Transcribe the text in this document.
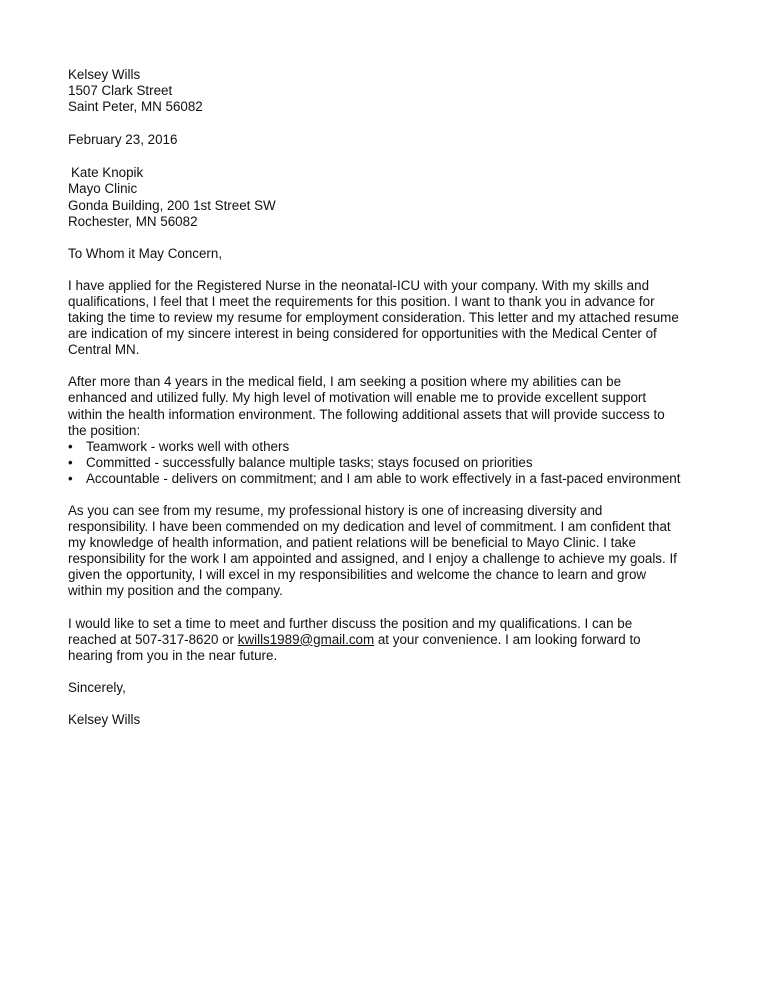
Kelsey Wills
1507 Clark Street
Saint Peter, MN 56082
February 23, 2016
Kate Knopik
Mayo Clinic
Gonda Building, 200 1st Street SW
Rochester, MN 56082
To Whom it May Concern,
I have applied for the Registered Nurse in the neonatal-ICU with your company. With my skills and
qualifications, I feel that I meet the requirements for this position. I want to thank you in advance for
taking the time to review my resume for employment consideration. This letter and my attached resume
are indication of my sincere interest in being considered for opportunities with the Medical Center of
Central MN.
After more than 4 years in the medical field, I am seeking a position where my abilities can be
enhanced and utilized fully. My high level of motivation will enable me to provide excellent support
within the health information environment. The following additional assets that will provide success to
the position:
• Teamwork - works well with others
• Committed - successfully balance multiple tasks; stays focused on priorities
• Accountable - delivers on commitment; and I am able to work effectively in a fast-paced environment
As you can see from my resume, my professional history is one of increasing diversity and
responsibility. I have been commended on my dedication and level of commitment. I am confident that
my knowledge of health information, and patient relations will be beneficial to Mayo Clinic. I take
responsibility for the work I am appointed and assigned, and I enjoy a challenge to achieve my goals. If
given the opportunity, I will excel in my responsibilities and welcome the chance to learn and grow
within my position and the company.
I would like to set a time to meet and further discuss the position and my qualifications. I can be
reached at 507-317-8620 or kwills1989@gmail.com at your convenience. I am looking forward to
hearing from you in the near future.
Sincerely,
Kelsey Wills
